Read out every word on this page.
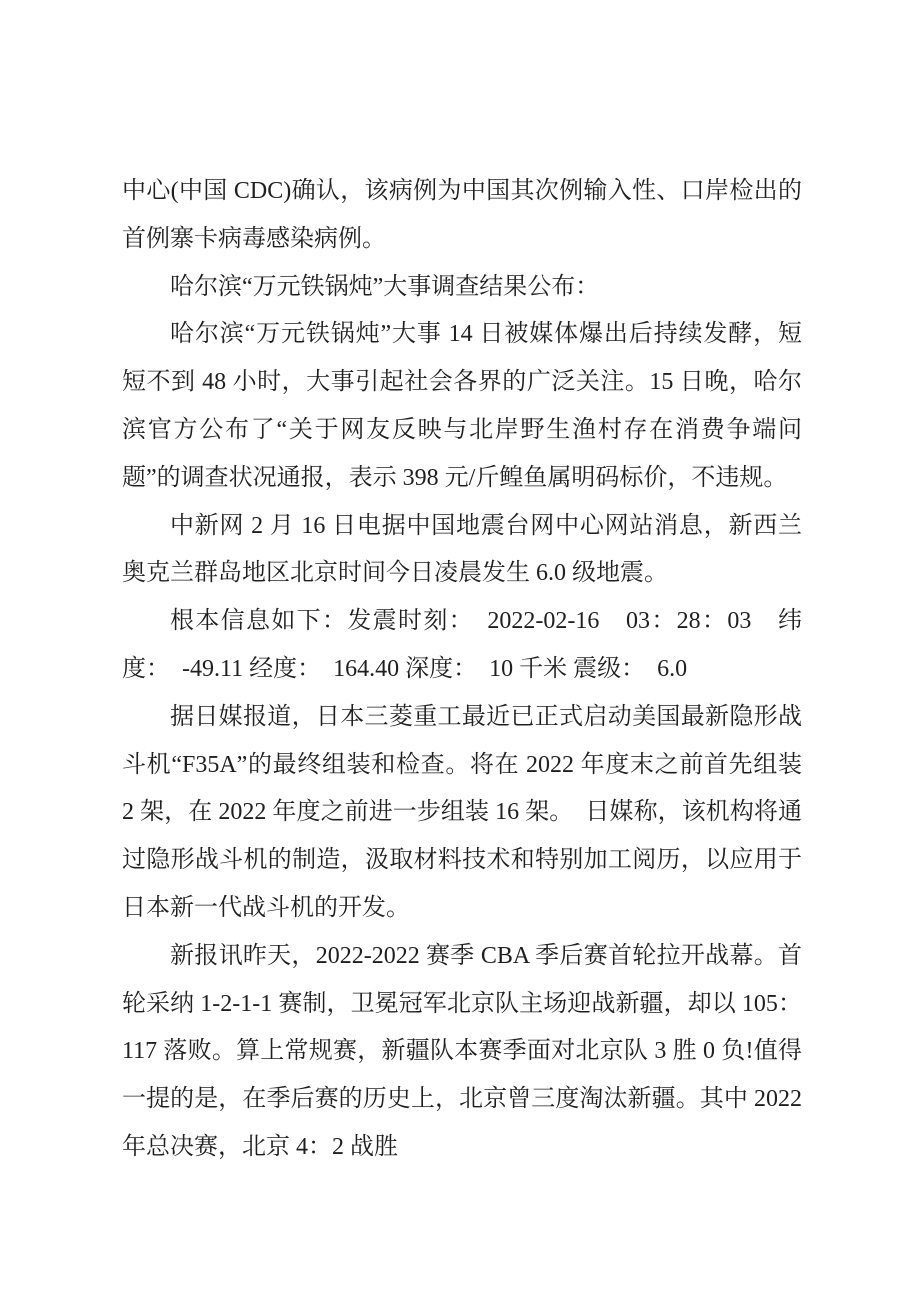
中心(中国 CDC)确认，该病例为中国其次例输入性、口岸检出的首例寨卡病毒感染病例。

哈尔滨“万元铁锅炖”大事调查结果公布：

哈尔滨“万元铁锅炖”大事 14 日被媒体爆出后持续发酵，短短不到 48 小时，大事引起社会各界的广泛关注。15 日晚，哈尔滨官方公布了“关于网友反映与北岸野生渔村存在消费争端问题”的调查状况通报，表示 398 元/斤鳇鱼属明码标价，不违规。

中新网 2 月 16 日电据中国地震台网中心网站消息，新西兰奥克兰群岛地区北京时间今日凌晨发生 6.0 级地震。

根本信息如下：发震时刻：　2022-02-16　03：28：03　纬度：　-49.11 经度：　164.40 深度：　10 千米 震级：　6.0

据日媒报道，日本三菱重工最近已正式启动美国最新隐形战斗机“F35A”的最终组装和检查。将在 2022 年度末之前首先组装 2 架，在 2022 年度之前进一步组装 16 架。　日媒称，该机构将通过隐形战斗机的制造，汲取材料技术和特别加工阅历，以应用于日本新一代战斗机的开发。

新报讯昨天，2022-2022 赛季 CBA 季后赛首轮拉开战幕。首轮采纳 1-2-1-1 赛制，卫冕冠军北京队主场迎战新疆，却以 105：117 落败。算上常规赛，新疆队本赛季面对北京队 3 胜 0 负!值得一提的是，在季后赛的历史上，北京曾三度淘汰新疆。其中 2022 年总决赛，北京 4：2 战胜
